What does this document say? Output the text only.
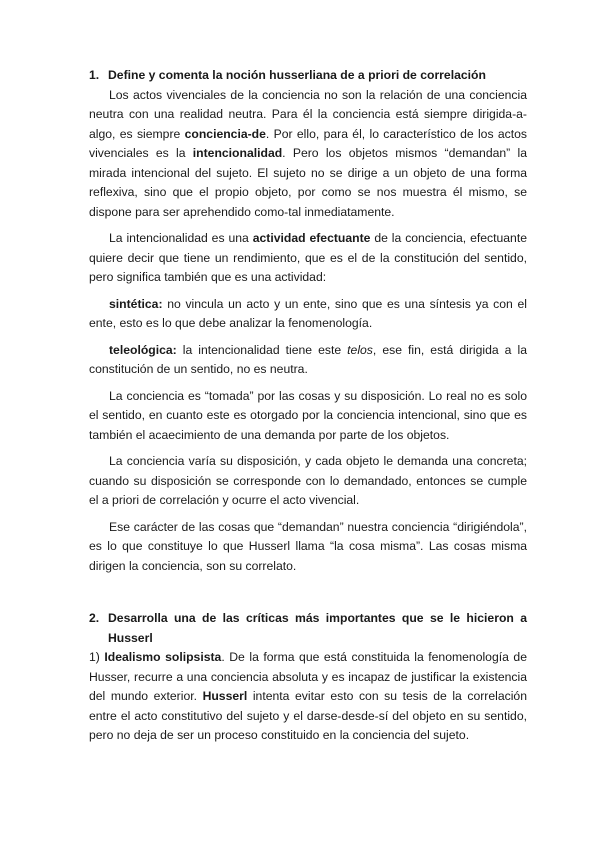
1. Define y comenta la noción husserliana de a priori de correlación

Los actos vivenciales de la conciencia no son la relación de una conciencia neutra con una realidad neutra. Para él la conciencia está siempre dirigida-a-algo, es siempre conciencia-de. Por ello, para él, lo característico de los actos vivenciales es la intencionalidad. Pero los objetos mismos “demandan” la mirada intencional del sujeto. El sujeto no se dirige a un objeto de una forma reflexiva, sino que el propio objeto, por como se nos muestra él mismo, se dispone para ser aprehendido como-tal inmediatamente.

La intencionalidad es una actividad efectuante de la conciencia, efectuante quiere decir que tiene un rendimiento, que es el de la constitución del sentido, pero significa también que es una actividad:

sintética: no vincula un acto y un ente, sino que es una síntesis ya con el ente, esto es lo que debe analizar la fenomenología.

teleológica: la intencionalidad tiene este telos, ese fin, está dirigida a la constitución de un sentido, no es neutra.

La conciencia es “tomada” por las cosas y su disposición. Lo real no es solo el sentido, en cuanto este es otorgado por la conciencia intencional, sino que es también el acaecimiento de una demanda por parte de los objetos.

La conciencia varía su disposición, y cada objeto le demanda una concreta; cuando su disposición se corresponde con lo demandado, entonces se cumple el a priori de correlación y ocurre el acto vivencial.

Ese carácter de las cosas que “demandan” nuestra conciencia “dirigiéndola”, es lo que constituye lo que Husserl llama “la cosa misma”. Las cosas misma dirigen la conciencia, son su correlato.

2. Desarrolla una de las críticas más importantes que se le hicieron a Husserl

1) Idealismo solipsista. De la forma que está constituida la fenomenología de Husser, recurre a una conciencia absoluta y es incapaz de justificar la existencia del mundo exterior. Husserl intenta evitar esto con su tesis de la correlación entre el acto constitutivo del sujeto y el darse-desde-sí del objeto en su sentido, pero no deja de ser un proceso constituido en la conciencia del sujeto.
